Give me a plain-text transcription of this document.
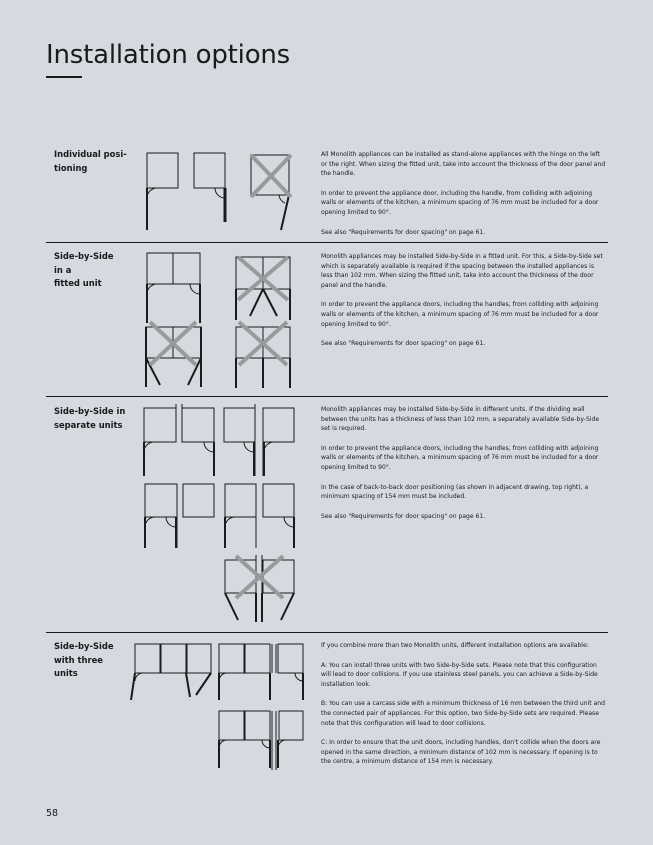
Installation options
Individual posi-
tioning

All Monolith appliances can be installed as stand-alone appliances with the hinge on the left or the right. When sizing the fitted unit, take into account the thickness of the door panel and the handle.

In order to prevent the appliance door, including the handle, from colliding with adjoining walls or elements of the kitchen, a minimum spacing of 76 mm must be included for a door opening limited to 90°.

See also "Requirements for door spacing" on page 61.

Side-by-Side
in a
fitted unit

Monolith appliances may be installed Side-by-Side in a fitted unit. For this, a Side-by-Side set which is separately available is required if the spacing between the installed appliances is less than 102 mm. When sizing the fitted unit, take into account the thickness of the door panel and the handle.

In order to prevent the appliance doors, including the handles, from colliding with adjoining walls or elements of the kitchen, a minimum spacing of 76 mm must be included for a door opening limited to 90°.

See also "Requirements for door spacing" on page 61.

Side-by-Side in
separate units

Monolith appliances may be installed Side-by-Side in different units. If the dividing wall between the units has a thickness of less than 102 mm, a separately available Side-by-Side set is required.

In order to prevent the appliance doors, including the handles, from colliding with adjoining walls or elements of the kitchen, a minimum spacing of 76 mm must be included for a door opening limited to 90°.

In the case of back-to-back door positioning (as shown in adjacent drawing, top right), a minimum spacing of 154 mm must be included.

See also "Requirements for door spacing" on page 61.

Side-by-Side
with three
units

If you combine more than two Monolith units, different installation options are available:

A: You can install three units with two Side-by-Side sets. Please note that this configuration will lead to door collisions. If you use stainless steel panels, you can achieve a Side-by-Side installation look.

B: You can use a carcass side with a minimum thickness of 16 mm between the third unit and the connected pair of appliances. For this option, two Side-by-Side sets are required. Please note that this configuration will lead to door collisions.

C: In order to ensure that the unit doors, including handles, don't collide when the doors are opened in the same direction, a minimum distance of 102 mm is necessary. If opening is to the centre, a minimum distance of 154 mm is necessary.

58
